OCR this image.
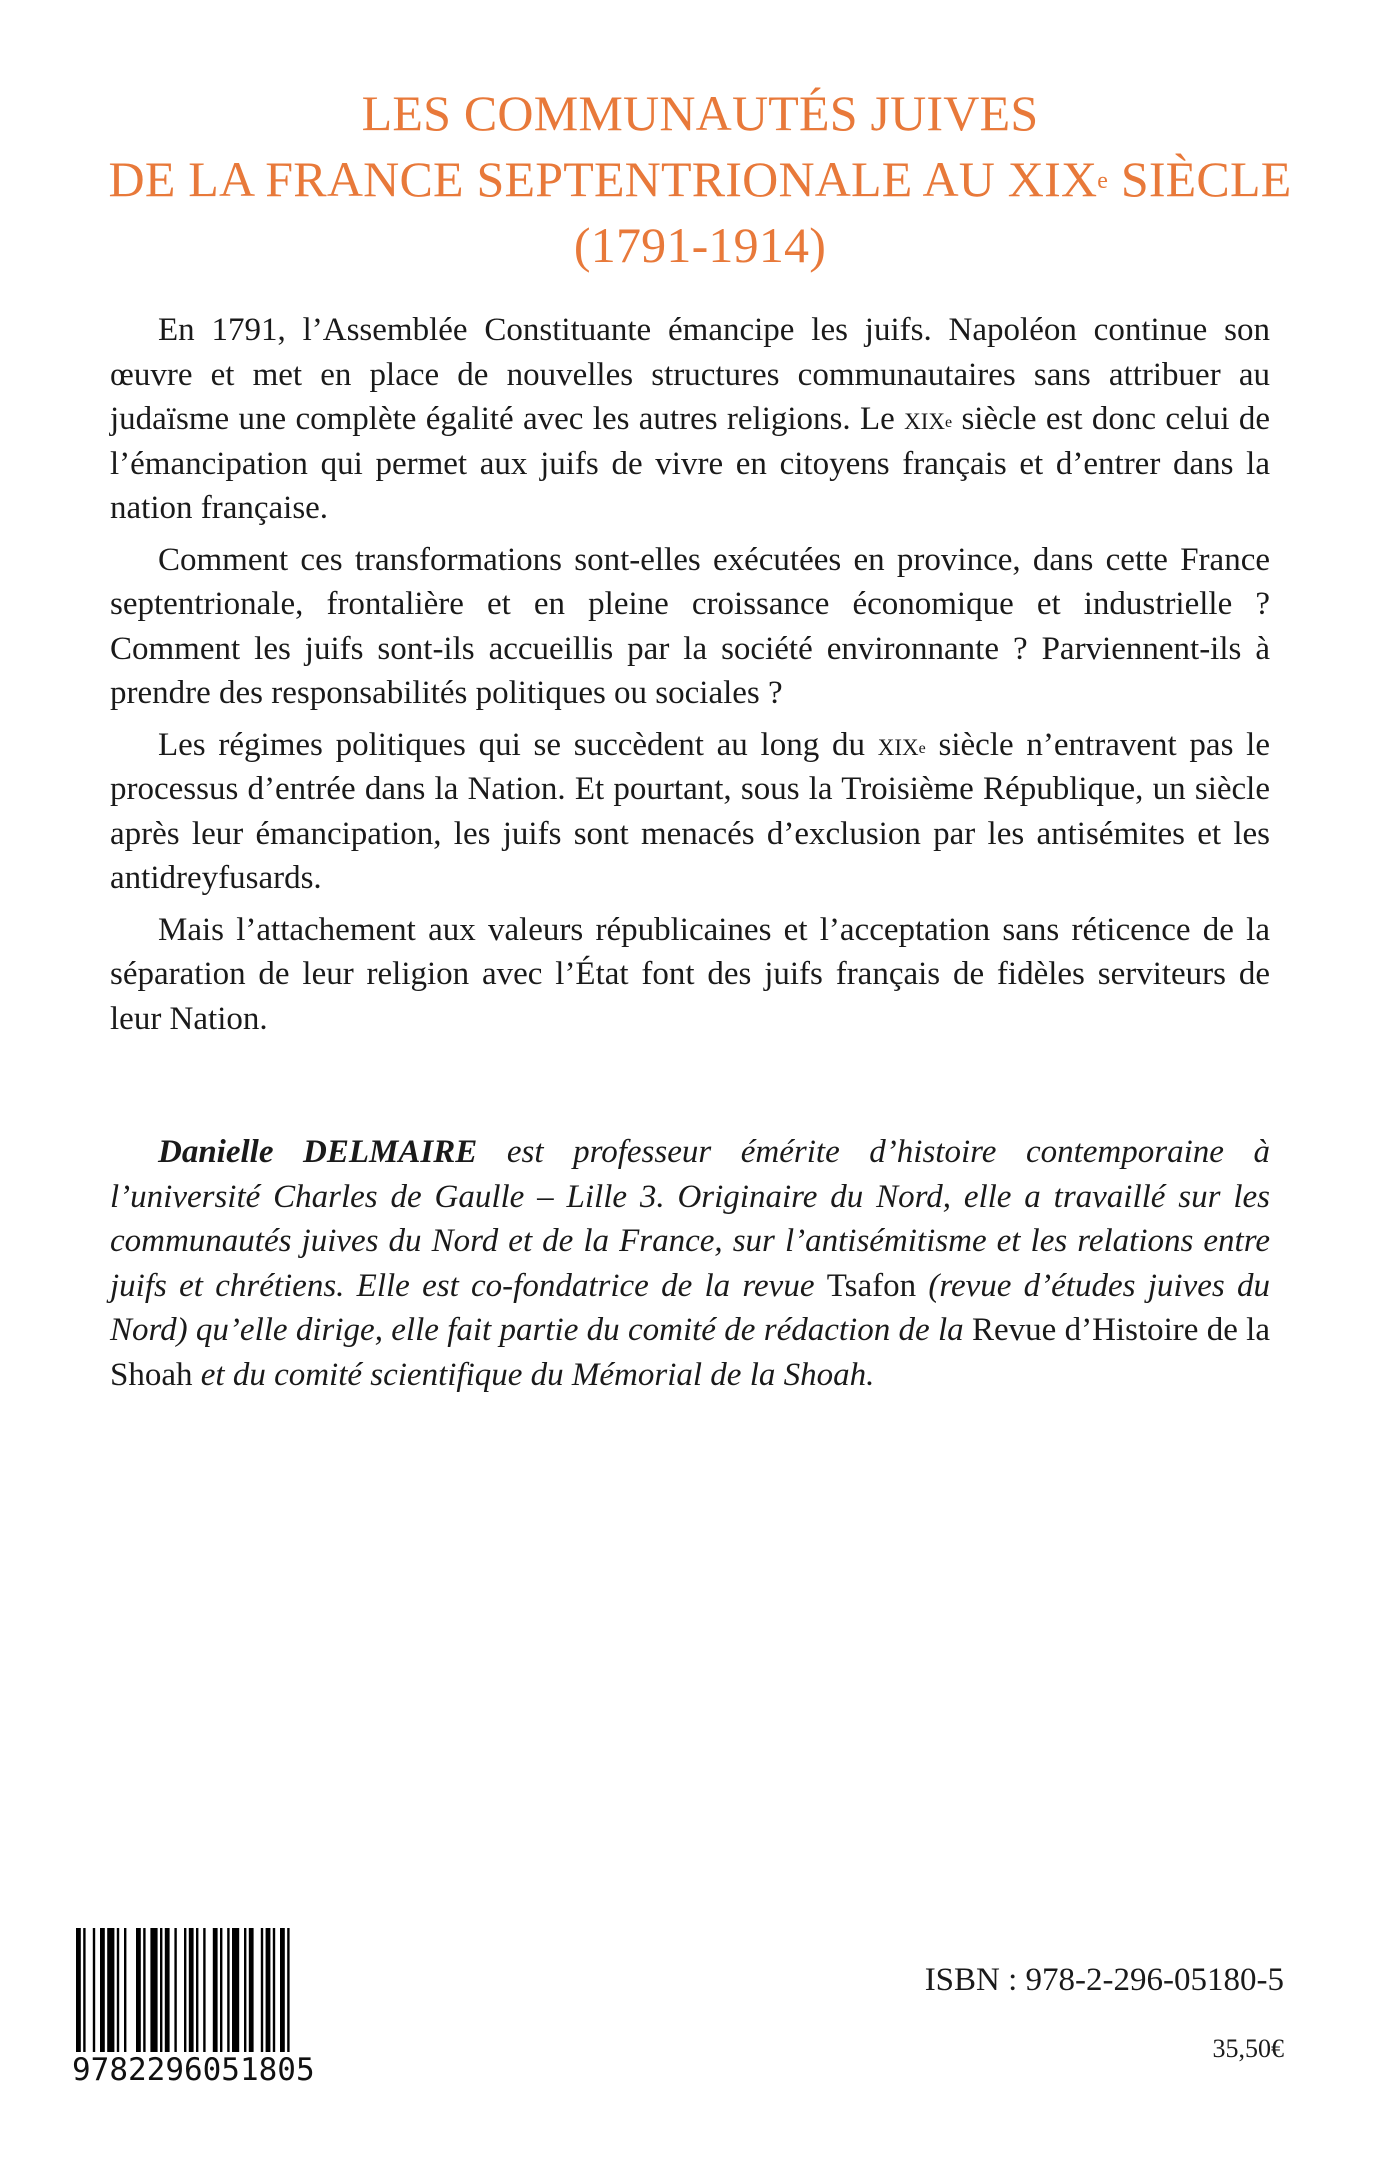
LES COMMUNAUTÉS JUIVES
DE LA FRANCE SEPTENTRIONALE AU XIXe SIÈCLE
(1791-1914)

En 1791, l’Assemblée Constituante émancipe les juifs. Napoléon continue son œuvre et met en place de nouvelles structures communautaires sans attribuer au judaïsme une complète égalité avec les autres religions. Le xix$^e$ siècle est donc celui de l’émancipation qui permet aux juifs de vivre en citoyens français et d’entrer dans la nation française.

Comment ces transformations sont-elles exécutées en province, dans cette France septentrionale, frontalière et en pleine croissance économique et industrielle ? Comment les juifs sont-ils accueillis par la société environnante ? Parviennent-ils à prendre des responsabilités politiques ou sociales ?

Les régimes politiques qui se succèdent au long du xix$^e$ siècle n’entravent pas le processus d’entrée dans la Nation. Et pourtant, sous la Troisième République, un siècle après leur émancipation, les juifs sont menacés d’exclusion par les antisémites et les antidreyfusards.

Mais l’attachement aux valeurs républicaines et l’acceptation sans réticence de la séparation de leur religion avec l’État font des juifs français de fidèles serviteurs de leur Nation.

Danielle DELMAIRE est professeur émérite d’histoire contemporaine à l’université Charles de Gaulle – Lille 3. Originaire du Nord, elle a travaillé sur les communautés juives du Nord et de la France, sur l’antisémitisme et les relations entre juifs et chrétiens. Elle est co-fondatrice de la revue Tsafon (revue d’études juives du Nord) qu’elle dirige, elle fait partie du comité de rédaction de la Revue d’Histoire de la Shoah et du comité scientifique du Mémorial de la Shoah.

9782296051805

ISBN : 978-2-296-05180-5

35,50€
